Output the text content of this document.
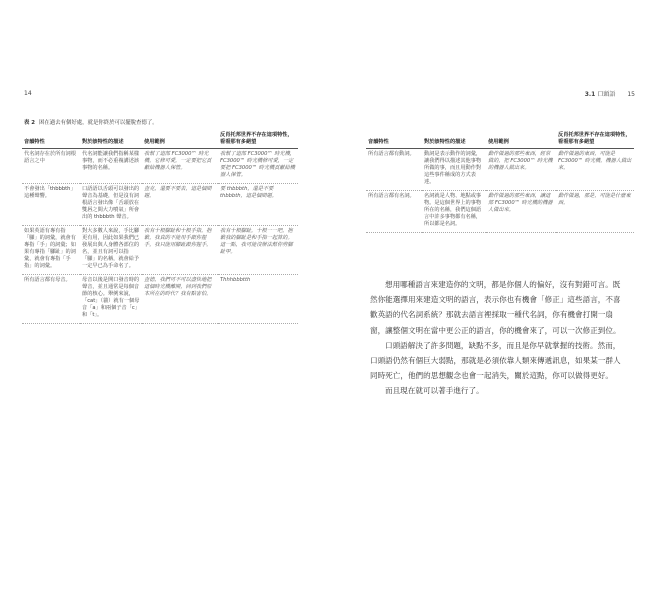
14
表 2 困在過去有個好處，就是你終於可以擺脫查德了。
音韻特性	對於該特性的描述	使用範例	反肖托邦世界不存在這項特性，看看那有多絕望
代名詞存在於所有詞根語言之中	代名詞能讓我們指稱某樣事物，而不必重複講述該事物的名稱。	我幫了這部 FC3000™ 時光機，它修可愛，一定要把它貢獻給機器人保管。	我幫了這部 FC3000™ 時光機，FC3000™ 時光機修可愛，一定要把 FC3000™ 時光機貢獻給機器人保管。
不會發出「thbbbth」這種聲響。	口語語以舌頭可以發出的聲音為基礎，但是沒有詞根語言發出像「舌頭放在雙唇之間大力噴氣」所會出的 thbbbth 聲音。	查克，還要不要去，這是個問題。	要 thbbbth，還是不要 thbbbth，這是個問題。
如果英語有專有指「腳」的詞彙，就會有專指「手」的詞彙；如果有專指「腳趾」的詞彙，就會有專指「手指」的詞彙。	對大多數人來說，手比腳更有用，因此如果我們已發展出與人身體各部位的名，並且有詞可以指「腳」的名稱，就會給予一定早已為手命名了。	我有十根腳趾和十根手指。抱歉，我真的不能用手跟你握手，我只能用腳趾跟你握手。	我有十根腳趾，十根一一吧，抱歉我的腳趾是和手指一起算的。這一點，我可能沒辦法幫你剪腳趾甲。
所有語言都有母音。	母音以後是開口發音時的聲音，並且通常是每個音節的核心。舉例來說，「cat」（貓）就有一個母音「a」和兩個子音「c」和「t」。	查德，我們可不可以盡快地把這個時光機離開，回到我們原本所在的時代？我有點害怕。	Thhhbbbtth
3.1 口頭語 15
音韻特性	對於該特性的描述	使用範例	反肖托邦世界不存在這項特性，看看那有多絕望
所有語言都有動詞。	動詞是表示動作的詞彙，讓我們得以描述其他事物所做的事，而且用動作對這些事件稱成的方式表達。	動作做過的那些東西，經常做的，把 FC3000™ 時光機的機器人做出來。	動作做過的東西，可能是 FC3000™ 時光機，機器人做出來。
所有語言都有名詞。	名詞就是人物、地點或事物。是這個世界上的事物所在的名稱，我們這個語言中許多事物都有名稱，所以都是名詞。	動作做過的那些東西，讓這部 FC3000™ 時光機的機器人做出來。	動作做過，那是，可能是什麼東西。

想用哪種語言來建造你的文明，都是你個人的偏好，沒有對錯可言。既然你能選擇用來建造文明的語言，表示你也有機會「修正」這些語言，不喜歡英語的代名詞系統？那就去語言裡採取一種代名詞，你有機會打開一扇窗，讓整個文明在當中更公正的語言，你的機會來了，可以一次修正到位。

口頭語解決了許多問題，缺點不多，而且是你早就掌握的技術。然而，口頭語仍然有個巨大弱點，那就是必須依靠人類來傳遞訊息，如果某一群人同時死亡，他們的思想觀念也會一起消失，關於這點，你可以做得更好。

而且現在就可以著手進行了。
